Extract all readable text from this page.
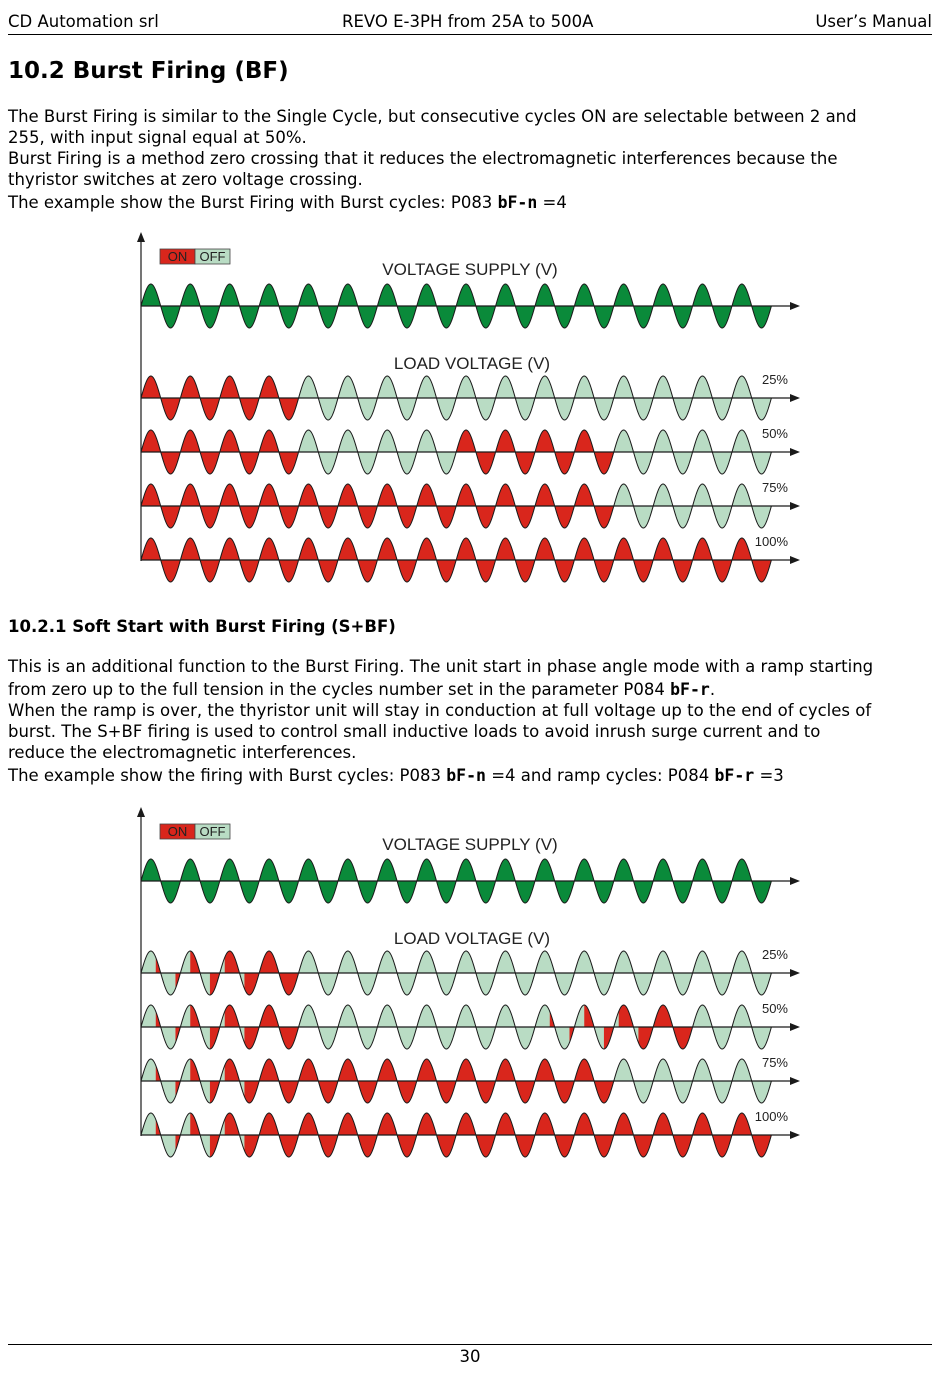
CD Automation srl	REVO E-3PH from 25A to 500A	User’s Manual
10.2 Burst Firing (BF)
The Burst Firing is similar to the Single Cycle, but consecutive cycles ON are selectable between 2 and
255, with input signal equal at 50%.
Burst Firing is a method zero crossing that it reduces the electromagnetic interferences because the
thyristor switches at zero voltage crossing.
The example show the Burst Firing with Burst cycles: P083 bF-n =4
ON OFF
VOLTAGE SUPPLY (V)
LOAD VOLTAGE (V)
25%
50%
75%
100%
10.2.1 Soft Start with Burst Firing (S+BF)
This is an additional function to the Burst Firing. The unit start in phase angle mode with a ramp starting
from zero up to the full tension in the cycles number set in the parameter P084 bF-r.
When the ramp is over, the thyristor unit will stay in conduction at full voltage up to the end of cycles of
burst. The S+BF firing is used to control small inductive loads to avoid inrush surge current and to
reduce the electromagnetic interferences.
The example show the firing with Burst cycles: P083 bF-n =4 and ramp cycles: P084 bF-r =3
ON OFF
VOLTAGE SUPPLY (V)
LOAD VOLTAGE (V)
25%
50%
75%
100%
30
